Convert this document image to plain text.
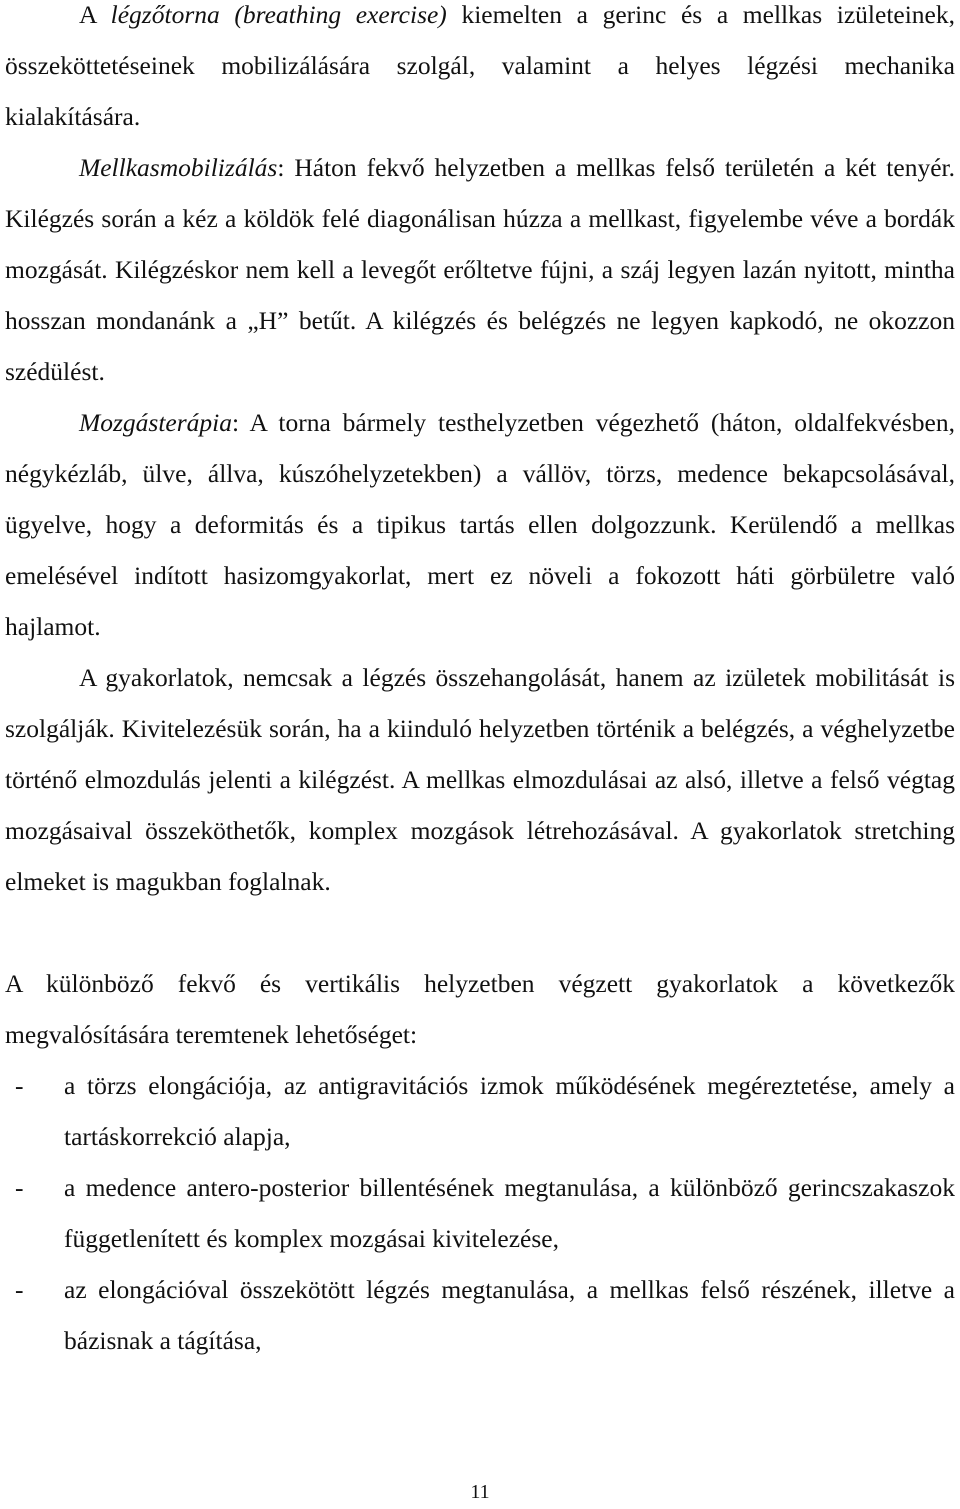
A légzőtorna (breathing exercise) kiemelten a gerinc és a mellkas izületeinek, összeköttetéseinek mobilizálására szolgál, valamint a helyes légzési mechanika kialakítására.

Mellkasmobilizálás: Háton fekvő helyzetben a mellkas felső területén a két tenyér. Kilégzés során a kéz a köldök felé diagonálisan húzza a mellkast, figyelembe véve a bordák mozgását. Kilégzéskor nem kell a levegőt erőltetve fújni, a száj legyen lazán nyitott, mintha hosszan mondanánk a „H” betűt. A kilégzés és belégzés ne legyen kapkodó, ne okozzon szédülést.

Mozgásterápia: A torna bármely testhelyzetben végezhető (háton, oldalfekvésben, négykézláb, ülve, állva, kúszóhelyzetekben) a vállöv, törzs, medence bekapcsolásával, ügyelve, hogy a deformitás és a tipikus tartás ellen dolgozzunk. Kerülendő a mellkas emelésével indított hasizomgyakorlat, mert ez növeli a fokozott háti görbületre való hajlamot.

A gyakorlatok, nemcsak a légzés összehangolását, hanem az izületek mobilitását is szolgálják. Kivitelezésük során, ha a kiinduló helyzetben történik a belégzés, a véghelyzetbe történő elmozdulás jelenti a kilégzést. A mellkas elmozdulásai az alsó, illetve a felső végtag mozgásaival összeköthetők, komplex mozgások létrehozásával. A gyakorlatok stretching elmeket is magukban foglalnak.

A különböző fekvő és vertikális helyzetben végzett gyakorlatok a következők megvalósítására teremtenek lehetőséget:

- a törzs elongációja, az antigravitációs izmok működésének megéreztetése, amely a tartáskorrekció alapja,
- a medence antero-posterior billentésének megtanulása, a különböző gerincszakaszok függetlenített és komplex mozgásai kivitelezése,
- az elongációval összekötött légzés megtanulása, a mellkas felső részének, illetve a bázisnak a tágítása,
11
